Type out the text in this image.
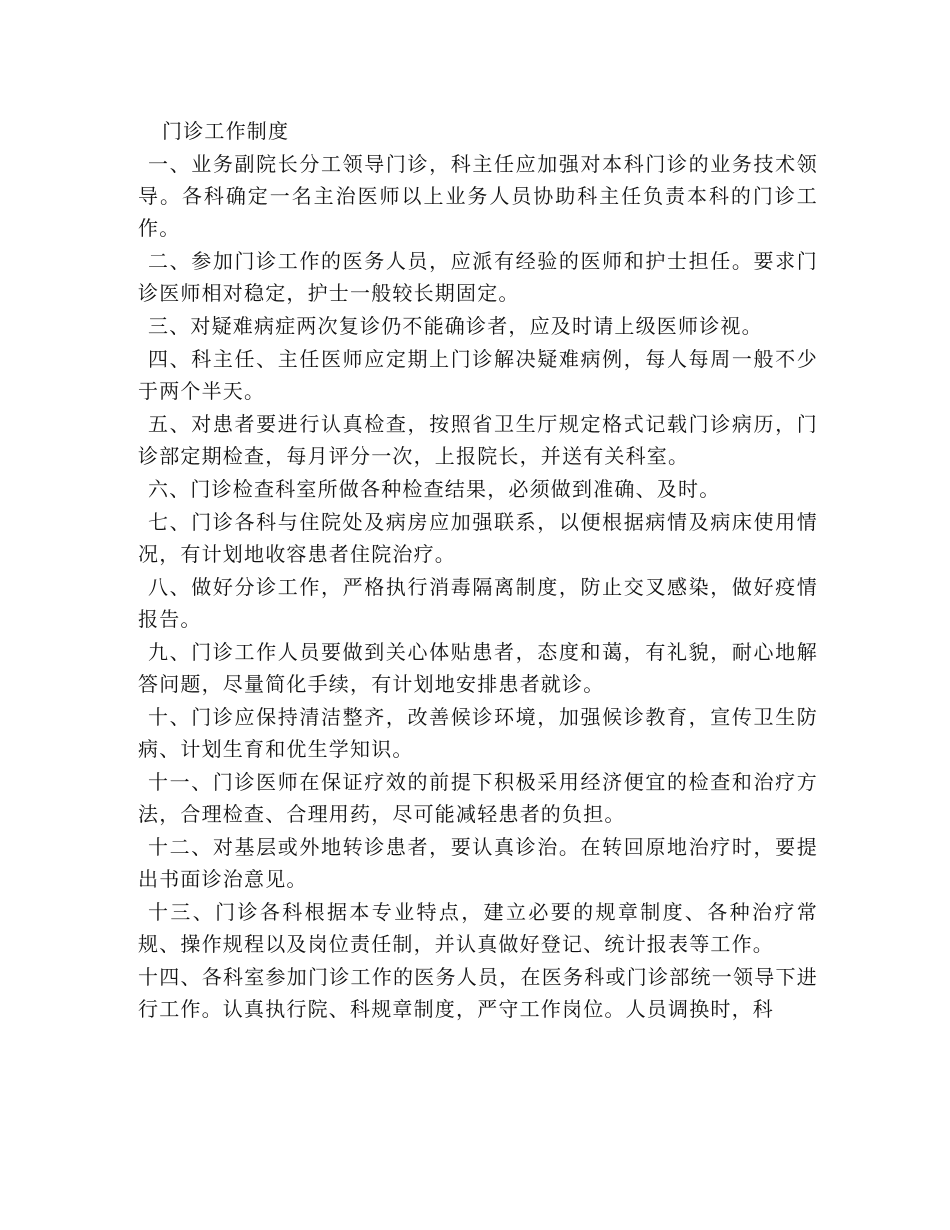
门诊工作制度

一、业务副院长分工领导门诊，科主任应加强对本科门诊的业务技术领导。各科确定一名主治医师以上业务人员协助科主任负责本科的门诊工作。

二、参加门诊工作的医务人员，应派有经验的医师和护士担任。要求门诊医师相对稳定，护士一般较长期固定。

三、对疑难病症两次复诊仍不能确诊者，应及时请上级医师诊视。

四、科主任、主任医师应定期上门诊解决疑难病例，每人每周一般不少于两个半天。

五、对患者要进行认真检查，按照省卫生厅规定格式记载门诊病历，门诊部定期检查，每月评分一次，上报院长，并送有关科室。

六、门诊检查科室所做各种检查结果，必须做到准确、及时。

七、门诊各科与住院处及病房应加强联系，以便根据病情及病床使用情况，有计划地收容患者住院治疗。

八、做好分诊工作，严格执行消毒隔离制度，防止交叉感染，做好疫情报告。

九、门诊工作人员要做到关心体贴患者，态度和蔼，有礼貌，耐心地解答问题，尽量简化手续，有计划地安排患者就诊。

十、门诊应保持清洁整齐，改善候诊环境，加强候诊教育，宣传卫生防病、计划生育和优生学知识。

十一、门诊医师在保证疗效的前提下积极采用经济便宜的检查和治疗方法，合理检查、合理用药，尽可能减轻患者的负担。

十二、对基层或外地转诊患者，要认真诊治。在转回原地治疗时，要提出书面诊治意见。

十三、门诊各科根据本专业特点，建立必要的规章制度、各种治疗常规、操作规程以及岗位责任制，并认真做好登记、统计报表等工作。

十四、各科室参加门诊工作的医务人员，在医务科或门诊部统一领导下进行工作。认真执行院、科规章制度，严守工作岗位。人员调换时，科
